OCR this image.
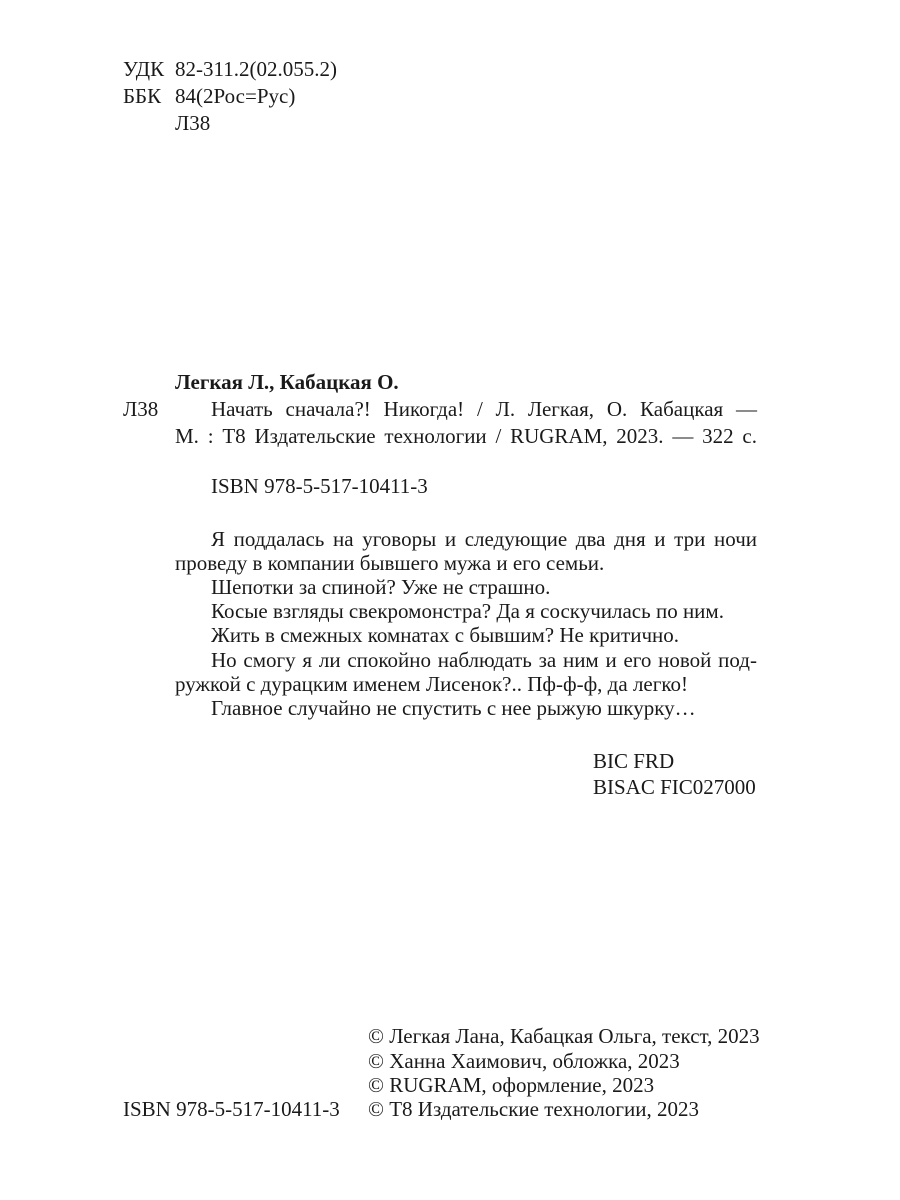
УДК 82-311.2(02.055.2)
ББК 84(2Рос=Рус)
Л38
Легкая Л., Кабацкая О.
Л38	Начать сначала?! Никогда! / Л. Легкая, О. Кабацкая —
М. : Т8 Издательские технологии / RUGRAM, 2023. — 322 с.
ISBN 978-5-517-10411-3
Я поддалась на уговоры и следующие два дня и три ночи
проведу в компании бывшего мужа и его семьи.
Шепотки за спиной? Уже не страшно.
Косые взгляды свекромонстра? Да я соскучилась по ним.
Жить в смежных комнатах с бывшим? Не критично.
Но смогу я ли спокойно наблюдать за ним и его новой под-
ружкой с дурацким именем Лисенок?.. Пф-ф-ф, да легко!
Главное случайно не спустить с нее рыжую шкурку…
BIC FRD
BISAC FIC027000
© Легкая Лана, Кабацкая Ольга, текст, 2023
© Ханна Хаимович, обложка, 2023
© RUGRAM, оформление, 2023
ISBN 978-5-517-10411-3 © Т8 Издательские технологии, 2023
